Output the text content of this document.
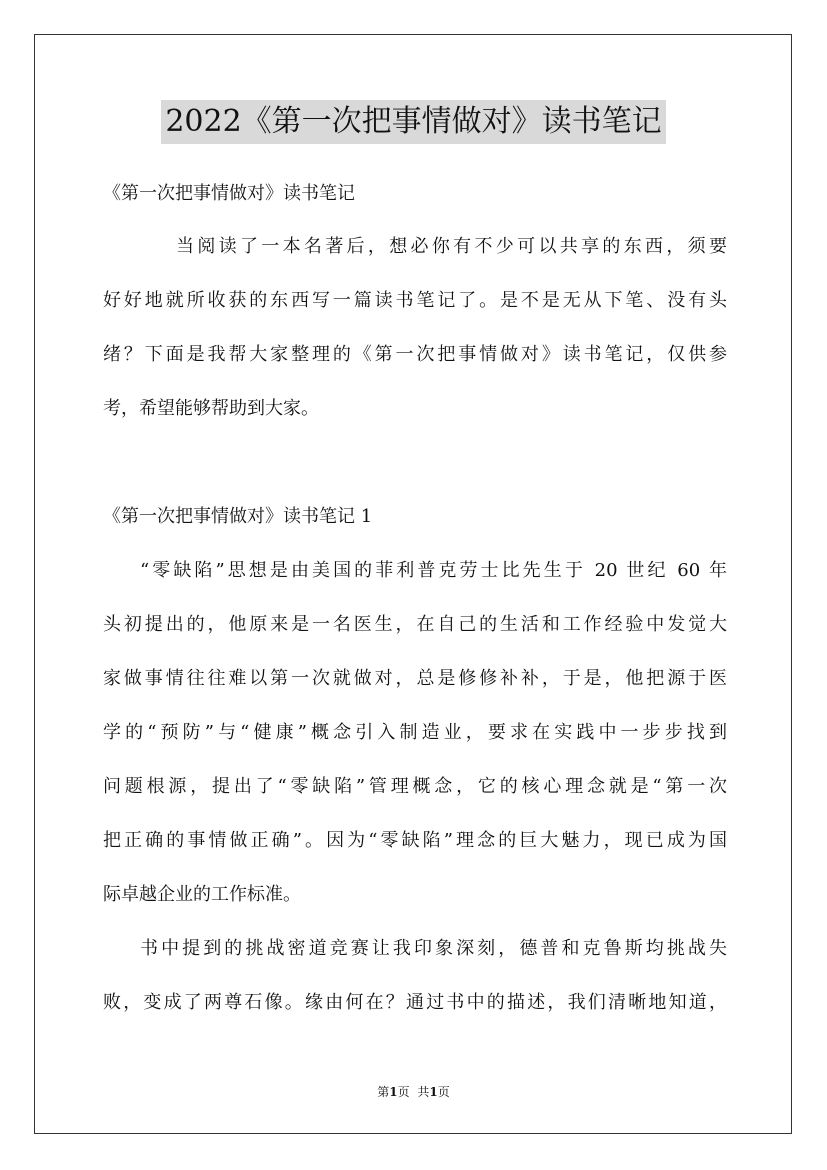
2022《第一次把事情做对》读书笔记
《第一次把事情做对》读书笔记
当阅读了一本名著后，想必你有不少可以共享的东西，须要
好好地就所收获的东西写一篇读书笔记了。是不是无从下笔、没有头
绪？下面是我帮大家整理的《第一次把事情做对》读书笔记，仅供参
考，希望能够帮助到大家。
《第一次把事情做对》读书笔记 1
“零缺陷”思想是由美国的菲利普克劳士比先生于 20 世纪 60 年
头初提出的，他原来是一名医生，在自己的生活和工作经验中发觉大
家做事情往往难以第一次就做对，总是修修补补，于是，他把源于医
学的“预防”与“健康”概念引入制造业，要求在实践中一步步找到
问题根源，提出了“零缺陷”管理概念，它的核心理念就是“第一次
把正确的事情做正确”。因为“零缺陷”理念的巨大魅力，现已成为国
际卓越企业的工作标准。
书中提到的挑战密道竞赛让我印象深刻，德普和克鲁斯均挑战失
败，变成了两尊石像。缘由何在？通过书中的描述，我们清晰地知道，
第1页 共1页
